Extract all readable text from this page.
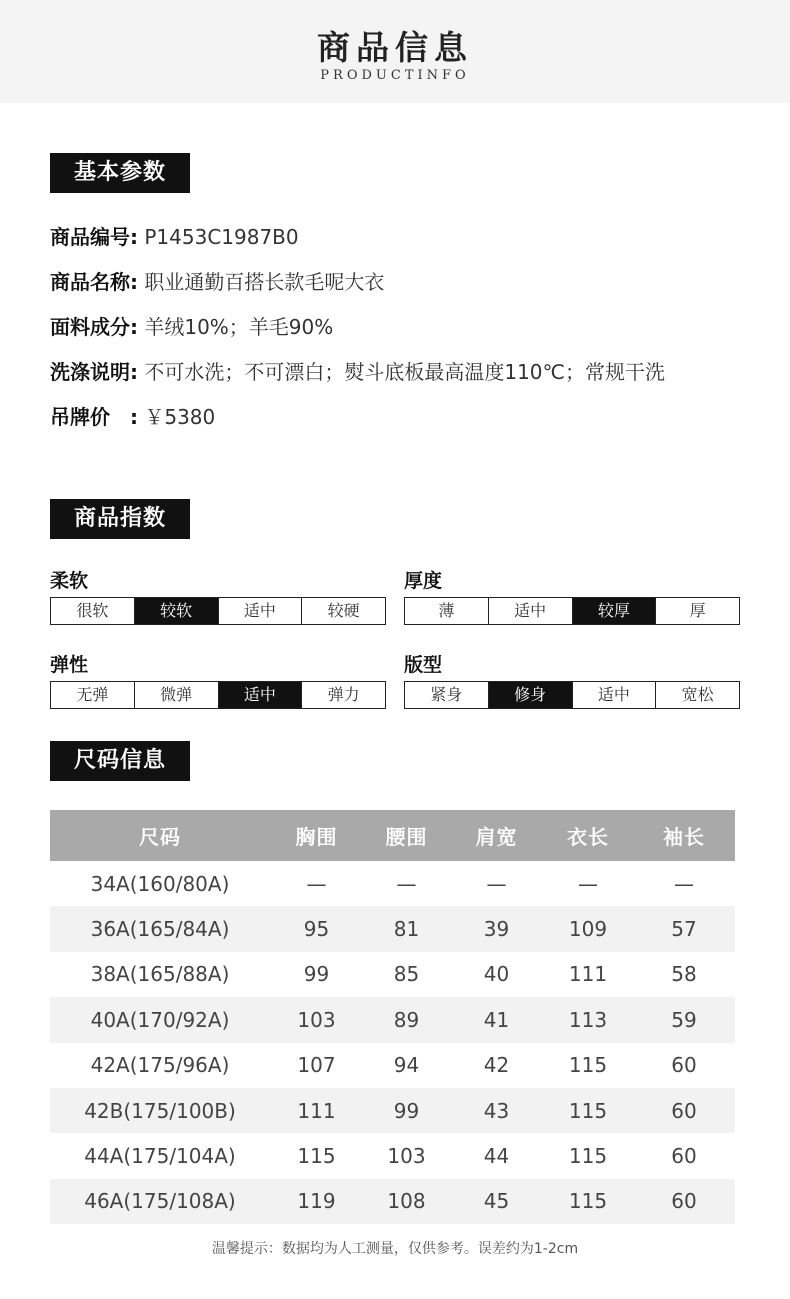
商品信息
PRODUCTINFO
基本参数
商品编号: P1453C1987B0
商品名称: 职业通勤百搭长款毛呢大衣
面料成分: 羊绒10%；羊毛90%
洗涤说明: 不可水洗；不可漂白；熨斗底板最高温度110℃；常规干洗
吊牌价　: ￥5380
商品指数
柔软
很软	较软	适中	较硬
厚度
薄	适中	较厚	厚
弹性
无弹	微弹	适中	弹力
版型
紧身	修身	适中	宽松
尺码信息
尺码	胸围	腰围	肩宽	衣长	袖长
34A(160/80A)	—	—	—	—	—
36A(165/84A)	95	81	39	109	57
38A(165/88A)	99	85	40	111	58
40A(170/92A)	103	89	41	113	59
42A(175/96A)	107	94	42	115	60
42B(175/100B)	111	99	43	115	60
44A(175/104A)	115	103	44	115	60
46A(175/108A)	119	108	45	115	60
温馨提示：数据均为人工测量，仅供参考。误差约为1-2cm
